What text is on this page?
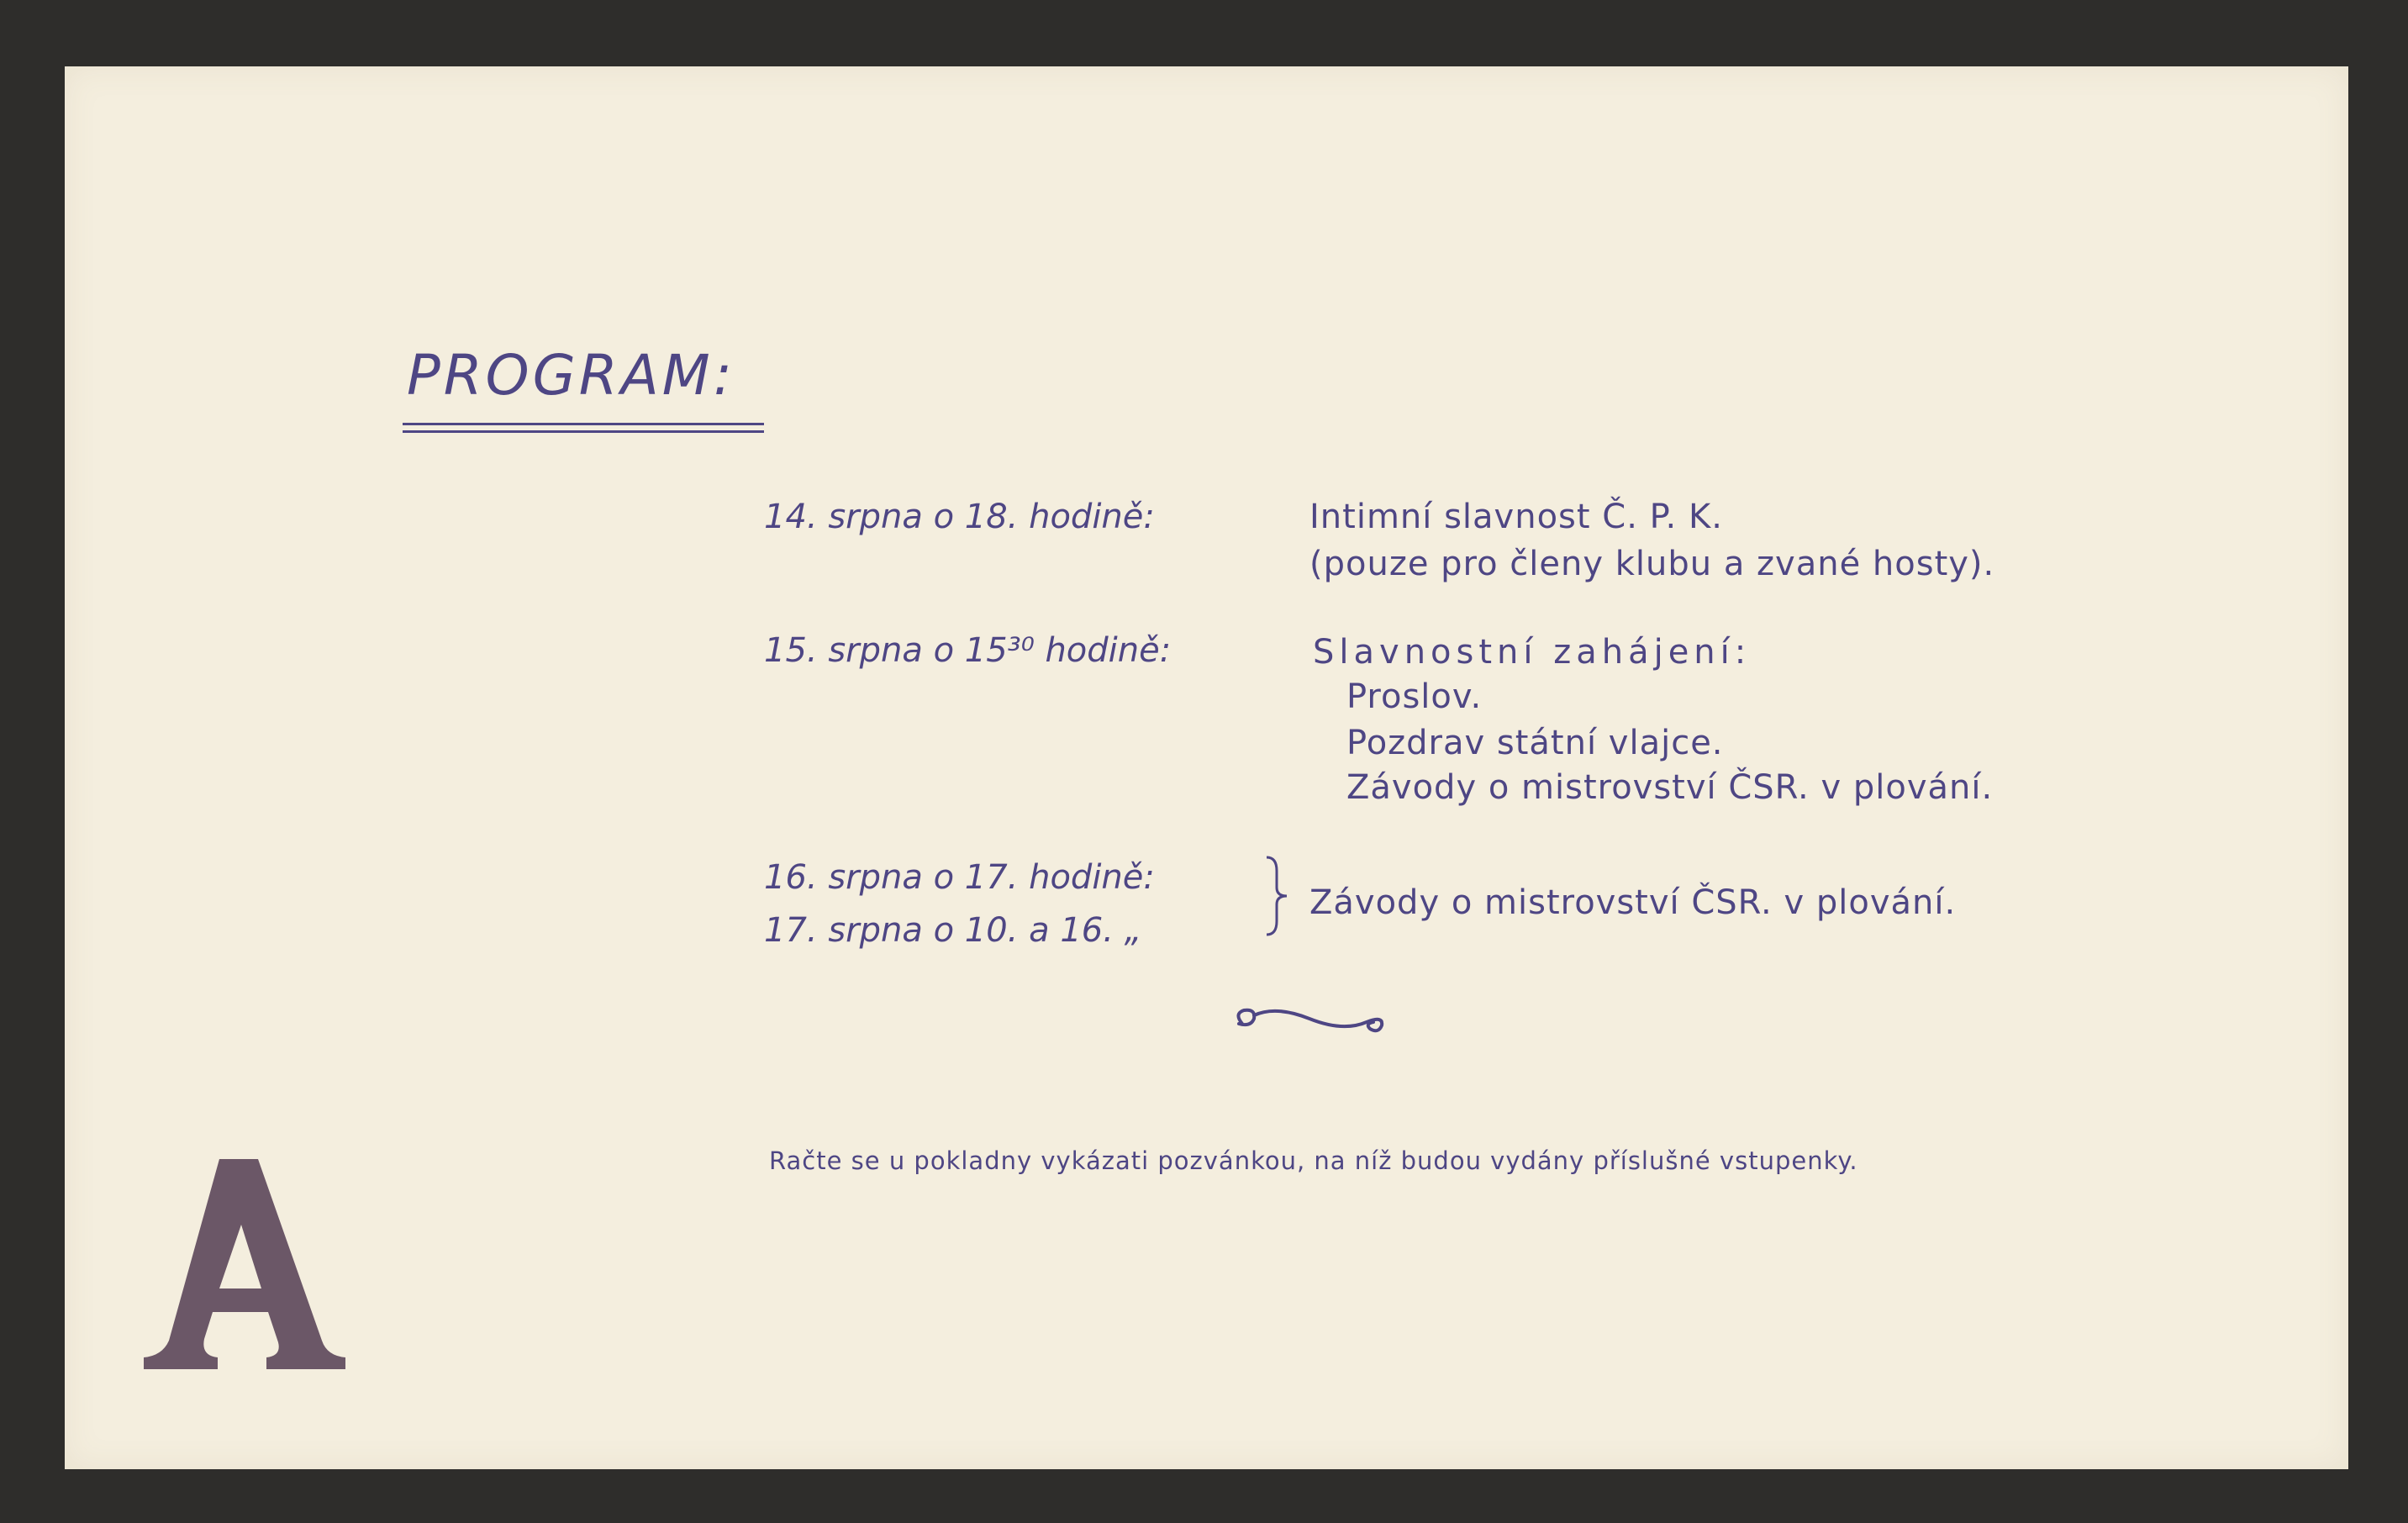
PROGRAM:
14. srpna o 18. hodině:	Intimní slavnost Č. P. K.
(pouze pro členy klubu a zvané hosty).
15. srpna o 15³⁰ hodině:	Slavnostní zahájení:
Proslov.
Pozdrav státní vlajce.
Závody o mistrovství ČSR. v plování.
16. srpna o 17. hodině:
17. srpna o 10. a 16. „
Závody o mistrovství ČSR. v plování.
Račte se u pokladny vykázati pozvánkou, na níž budou vydány příslušné vstupenky.
